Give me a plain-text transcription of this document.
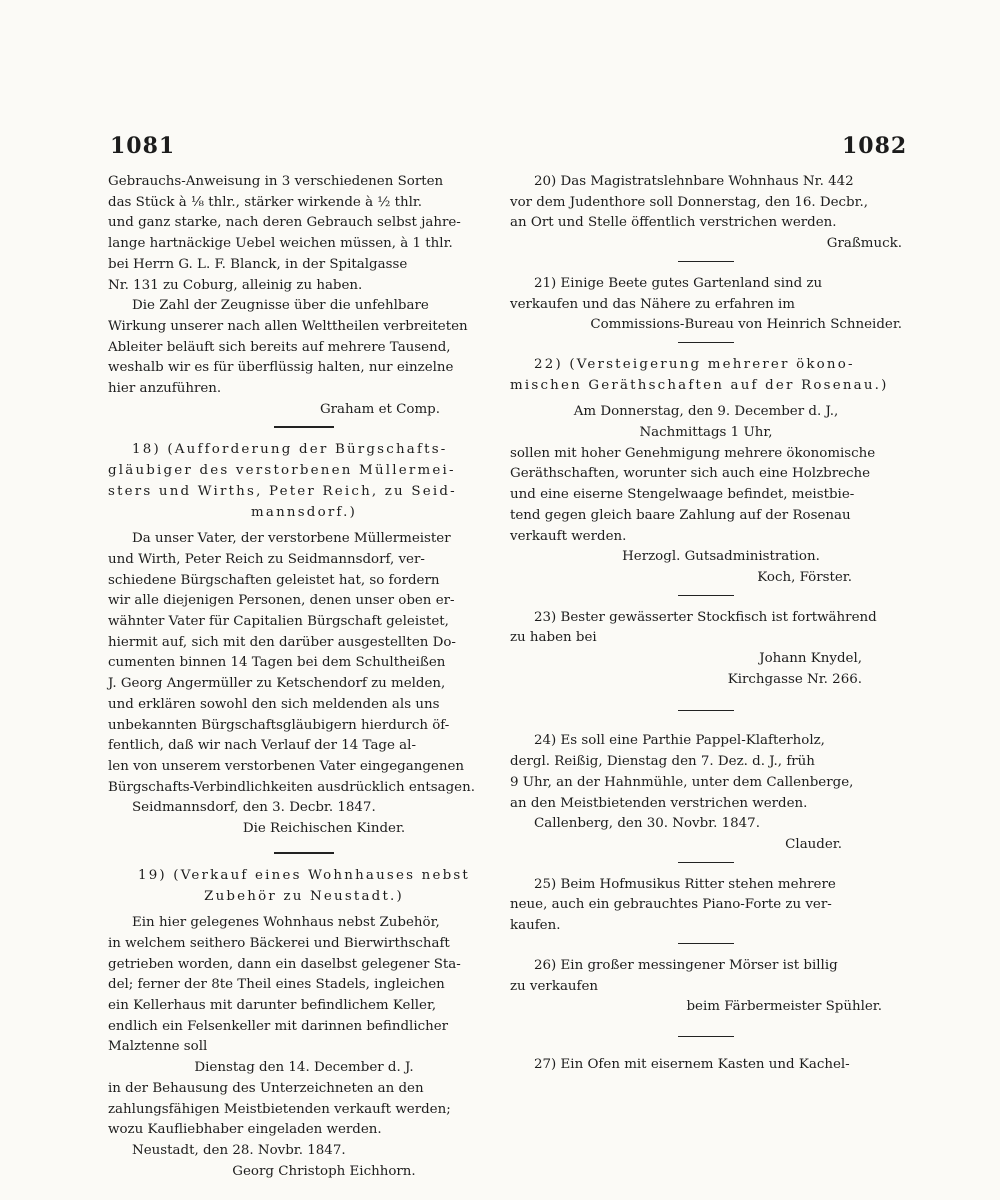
1081	1082

Gebrauchs-Anweisung in 3 verschiedenen Sorten

das Stück à ⅛ thlr., stärker wirkende à ½ thlr.

und ganz starke, nach deren Gebrauch selbst jahre-

lange hartnäckige Uebel weichen müssen, à 1 thlr.

bei Herrn G. L. F. Blanck, in der Spitalgasse

Nr. 131 zu Coburg, alleinig zu haben.

Die Zahl der Zeugnisse über die unfehlbare

Wirkung unserer nach allen Welttheilen verbreiteten

Ableiter beläuft sich bereits auf mehrere Tausend,

weshalb wir es für überflüssig halten, nur einzelne

hier anzuführen.

Graham et Comp.

18) (Aufforderung der Bürgschafts-

gläubiger des verstorbenen Müllermei-

sters und Wirths, Peter Reich, zu Seid-

mannsdorf.)

Da unser Vater, der verstorbene Müllermeister

und Wirth, Peter Reich zu Seidmannsdorf, ver-

schiedene Bürgschaften geleistet hat, so fordern

wir alle diejenigen Personen, denen unser oben er-

wähnter Vater für Capitalien Bürgschaft geleistet,

hiermit auf, sich mit den darüber ausgestellten Do-

cumenten binnen 14 Tagen bei dem Schultheißen

J. Georg Angermüller zu Ketschendorf zu melden,

und erklären sowohl den sich meldenden als uns

unbekannten Bürgschaftsgläubigern hierdurch öf-

fentlich, daß wir nach Verlauf der 14 Tage al-

len von unserem verstorbenen Vater eingegangenen

Bürgschafts-Verbindlichkeiten ausdrücklich entsagen.

Seidmannsdorf, den 3. Decbr. 1847.

Die Reichischen Kinder.

19) (Verkauf eines Wohnhauses nebst

Zubehör zu Neustadt.)

Ein hier gelegenes Wohnhaus nebst Zubehör,

in welchem seithero Bäckerei und Bierwirthschaft

getrieben worden, dann ein daselbst gelegener Sta-

del; ferner der 8te Theil eines Stadels, ingleichen

ein Kellerhaus mit darunter befindlichem Keller,

endlich ein Felsenkeller mit darinnen befindlicher

Malztenne soll

Dienstag den 14. December d. J.

in der Behausung des Unterzeichneten an den

zahlungsfähigen Meistbietenden verkauft werden;

wozu Kaufliebhaber eingeladen werden.

Neustadt, den 28. Novbr. 1847.

Georg Christoph Eichhorn.

20) Das Magistratslehnbare Wohnhaus Nr. 442

vor dem Judenthore soll Donnerstag, den 16. Decbr.,

an Ort und Stelle öffentlich verstrichen werden.

Graßmuck.

21) Einige Beete gutes Gartenland sind zu

verkaufen und das Nähere zu erfahren im

Commissions-Bureau von Heinrich Schneider.

22) (Versteigerung mehrerer ökono-

mischen Geräthschaften auf der Rosenau.)

Am Donnerstag, den 9. December d. J.,

Nachmittags 1 Uhr,

sollen mit hoher Genehmigung mehrere ökonomische

Geräthschaften, worunter sich auch eine Holzbreche

und eine eiserne Stengelwaage befindet, meistbie-

tend gegen gleich baare Zahlung auf der Rosenau

verkauft werden.

Herzogl. Gutsadministration.

Koch, Förster.

23) Bester gewässerter Stockfisch ist fortwährend

zu haben bei

Johann Knydel,

Kirchgasse Nr. 266.

24) Es soll eine Parthie Pappel-Klafterholz,

dergl. Reißig, Dienstag den 7. Dez. d. J., früh

9 Uhr, an der Hahnmühle, unter dem Callenberge,

an den Meistbietenden verstrichen werden.

Callenberg, den 30. Novbr. 1847.

Clauder.

25) Beim Hofmusikus Ritter stehen mehrere

neue, auch ein gebrauchtes Piano-Forte zu ver-

kaufen.

26) Ein großer messingener Mörser ist billig

zu verkaufen

beim Färbermeister Spühler.

27) Ein Ofen mit eisernem Kasten und Kachel-
